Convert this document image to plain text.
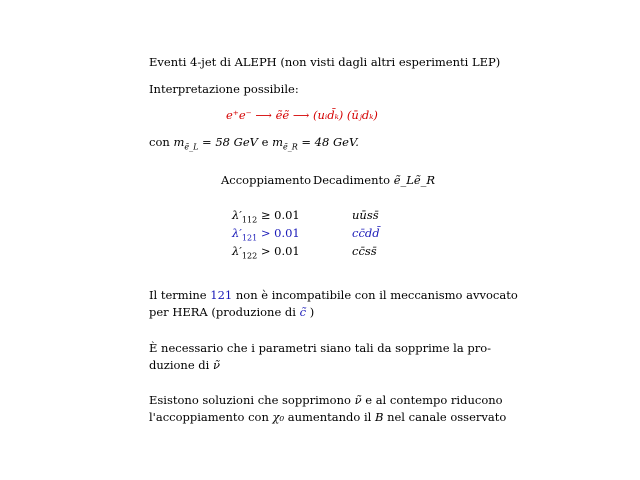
Eventi 4-jet di ALEPH (non visti dagli altri esperimenti LEP)
Interpretazione possibile:
e⁺e⁻ ⟶ ẽẽ ⟶ (uᵢd̄ₖ) (ūⱼdₖ)
con $m_{ẽ\_L} = 58$ GeV e $m_{ẽ\_R} = 48$ GeV.
Accoppiamento Decadimento ẽ_Lẽ_R
$\lambda'_{112} \ge 0.01$	uūss̄
$\lambda'_{121} > 0.01$	cc̄dd̄
$\lambda'_{122} > 0.01$	cc̄ss̄
Il termine 121 non è incompatibile con il meccanismo avvocato
per HERA (produzione di c̃ )
È necessario che i parametri siano tali da sopprime la pro-
duzione di ν̃
Esistono soluzioni che sopprimono ν̃ e al contempo riducono
l'accoppiamento con χ₀ aumentando il B nel canale osservato
